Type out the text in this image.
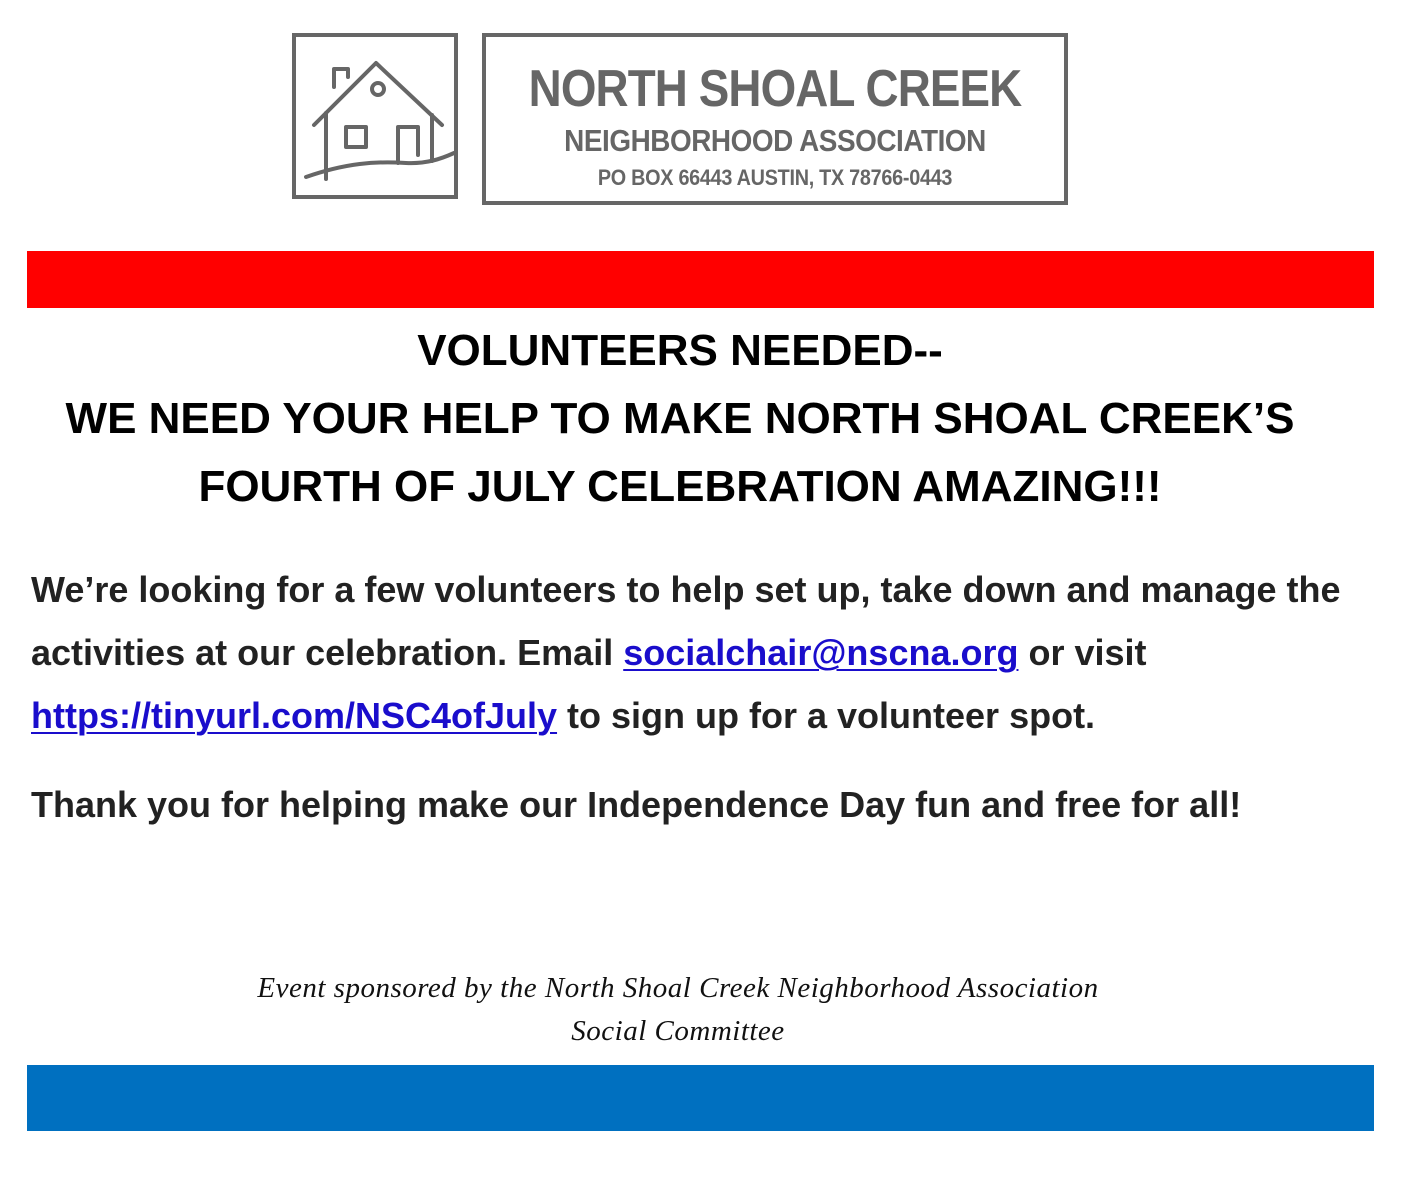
NORTH SHOAL CREEK
NEIGHBORHOOD ASSOCIATION
PO BOX 66443 AUSTIN, TX 78766-0443
VOLUNTEERS NEEDED--
WE NEED YOUR HELP TO MAKE NORTH SHOAL CREEK’S
FOURTH OF JULY CELEBRATION AMAZING!!!
We’re looking for a few volunteers to help set up, take down and manage the activities at our celebration. Email socialchair@nscna.org or visit https://tinyurl.com/NSC4ofJuly to sign up for a volunteer spot.
Thank you for helping make our Independence Day fun and free for all!
Event sponsored by the North Shoal Creek Neighborhood Association
Social Committee
